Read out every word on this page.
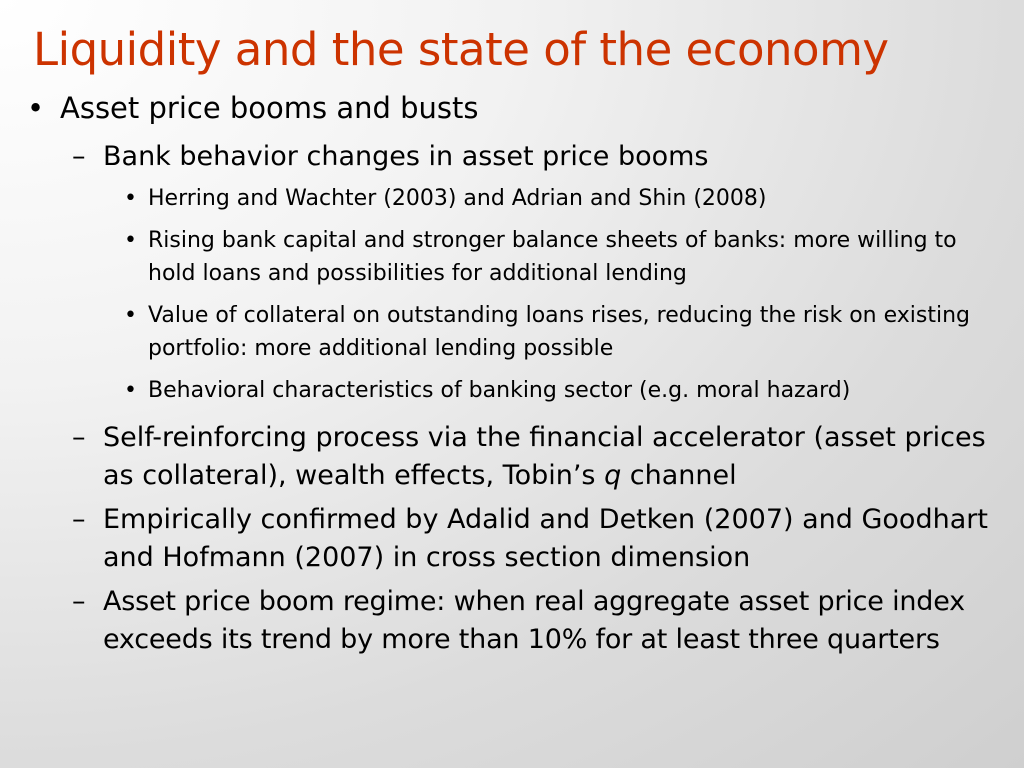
Liquidity and the state of the economy
• Asset price booms and busts
– Bank behavior changes in asset price booms
• Herring and Wachter (2003) and Adrian and Shin (2008)
• Rising bank capital and stronger balance sheets of banks: more willing to hold loans and possibilities for additional lending
• Value of collateral on outstanding loans rises, reducing the risk on existing portfolio: more additional lending possible
• Behavioral characteristics of banking sector (e.g. moral hazard)
– Self-reinforcing process via the financial accelerator (asset prices as collateral), wealth effects, Tobin’s q channel
– Empirically confirmed by Adalid and Detken (2007) and Goodhart and Hofmann (2007) in cross section dimension
– Asset price boom regime: when real aggregate asset price index exceeds its trend by more than 10% for at least three quarters
